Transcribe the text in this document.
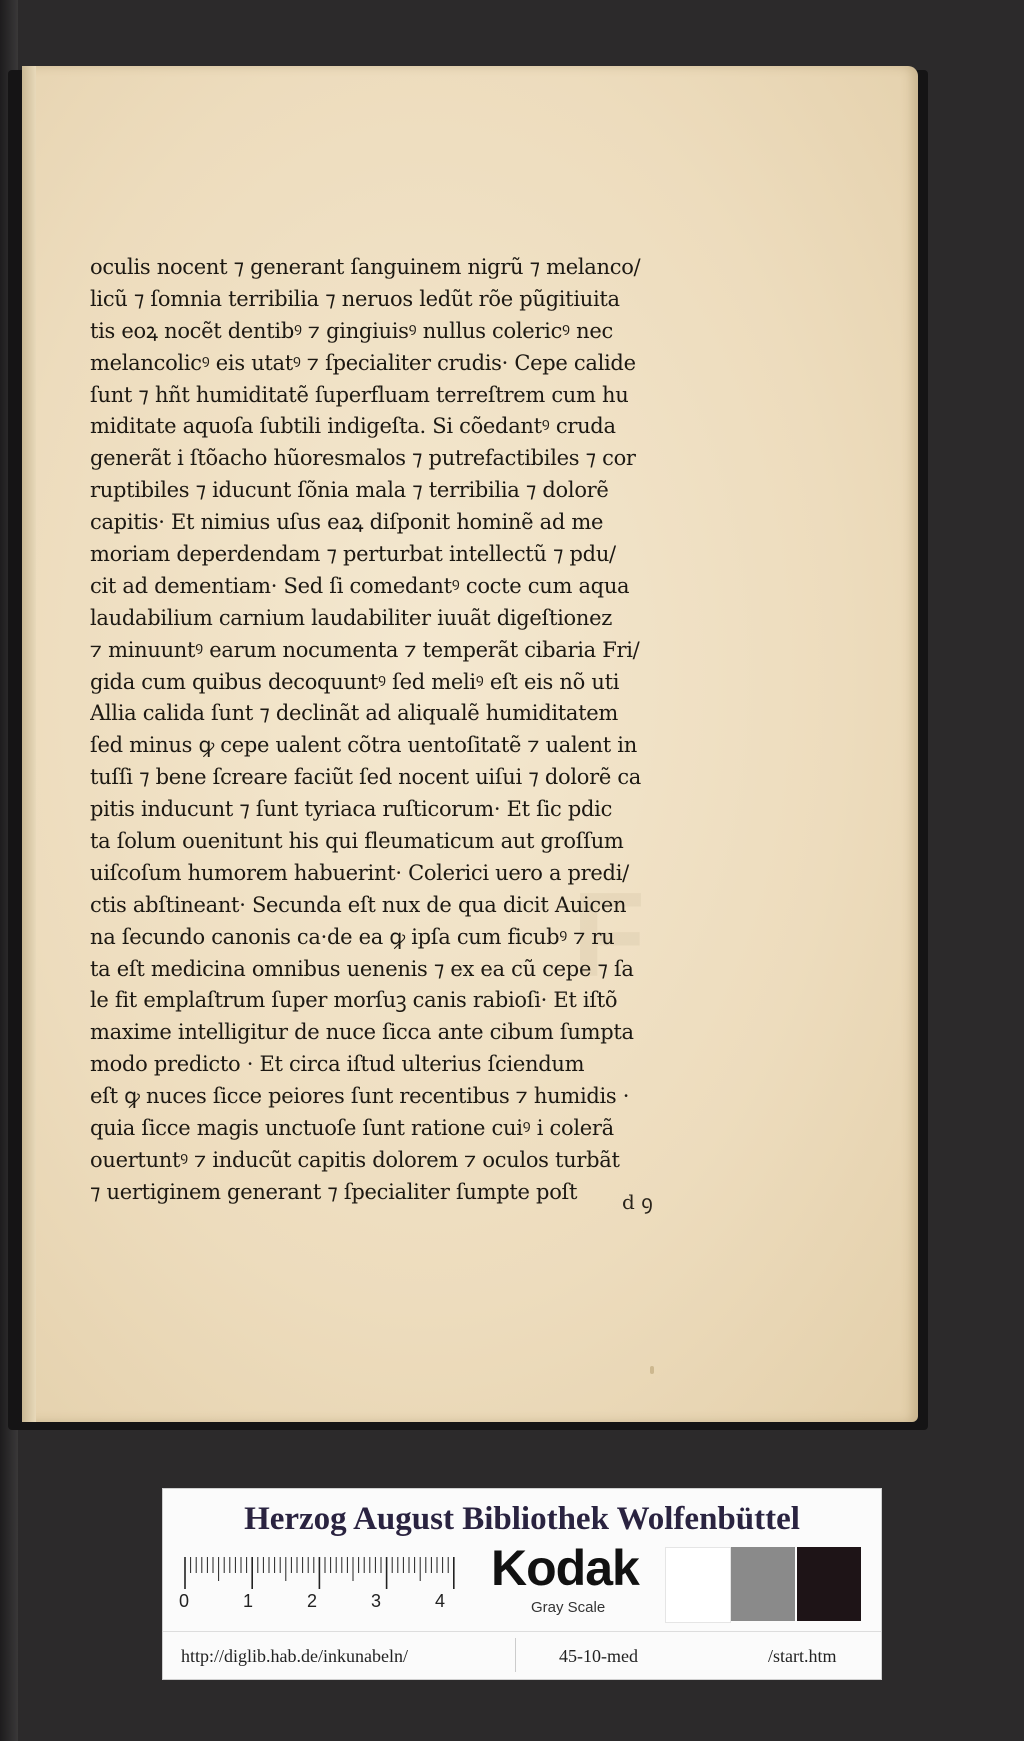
F
oculis nocent ⁊ generant ſanguinem nigrũ ⁊ melanco/
licũ ⁊ ſomnia terribilia ⁊ neruos ledũt rõe pũgitiuita
tis eoꝝ nocẽt dentibꝰ ⁊ gingiuisꝰ nullus colericꝰ nec
melancolicꝰ eis utatꝰ ⁊ ſpecialiter crudis· Cepe calide
ſunt ⁊ hñt humiditatẽ ſuperfluam terreſtrem cum hu
miditate aquoſa ſubtili indigeſta. Si cõedantꝰ cruda
generãt i ſtõacho hũoresmalos ⁊ putrefactibiles ⁊ cor
ruptibiles ⁊ iducunt ſõnia mala ⁊ terribilia ⁊ dolorẽ
capitis· Et nimius uſus eaꝝ diſponit hominẽ ad me
moriam deperdendam ⁊ perturbat intellectũ ⁊ pdu/
cit ad dementiam· Sed ſi comedantꝰ cocte cum aqua
laudabilium carnium laudabiliter iuuãt digeſtionez
⁊ minuuntꝰ earum nocumenta ⁊ temperãt cibaria Fri/
gida cum quibus decoquuntꝰ ſed meliꝰ eſt eis nõ uti
Allia calida ſunt ⁊ declinãt ad aliqualẽ humiditatem
ſed minus ꝙ cepe ualent cõtra uentoſitatẽ ⁊ ualent in
tuſſi ⁊ bene ſcreare faciũt ſed nocent uiſui ⁊ dolorẽ ca
pitis inducunt ⁊ ſunt tyriaca ruſticorum· Et ſic pdic
ta ſolum ouenitunt his qui fleumaticum aut groſſum
uiſcoſum humorem habuerint· Colerici uero a predi/
ctis abſtineant· Secunda eſt nux de qua dicit Auicen
na ſecundo canonis ca·de ea ꝙ ipſa cum ficubꝰ ⁊ ru
ta eſt medicina omnibus uenenis ⁊ ex ea cũ cepe ⁊ ſa
le fit emplaſtrum ſuper morſuꝫ canis rabioſi· Et iſtõ
maxime intelligitur de nuce ſicca ante cibum ſumpta
modo predicto · Et circa iſtud ulterius ſciendum
eſt ꝙ nuces ſicce peiores ſunt recentibus ⁊ humidis ·
quia ſicce magis unctuoſe ſunt ratione cuiꝰ i colerã
ouertuntꝰ ⁊ inducũt capitis dolorem ⁊ oculos turbãt
⁊ uertiginem generant ⁊ ſpecialiter ſumpte poſt	d ꝯ
Herzog August Bibliothek Wolfenbüttel
0	1	2	3	4
Kodak
Gray Scale
http://diglib.hab.de/inkunabeln/	45-10-med	/start.htm
